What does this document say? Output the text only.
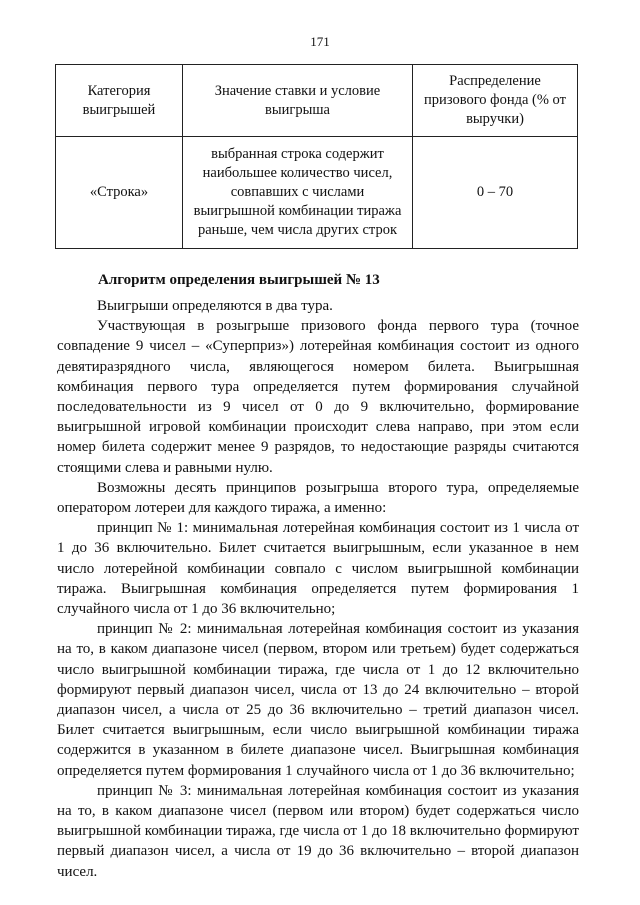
171
Категория выигрышей	Значение ставки и условие выигрыша	Распределение призового фонда (% от выручки)
«Строка»	выбранная строка содержит наибольшее количество чисел, совпавших с числами выигрышной комбинации тиража раньше, чем числа других строк	0 – 70
Алгоритм определения выигрышей № 13

Выигрыши определяются в два тура.

Участвующая в розыгрыше призового фонда первого тура (точное совпадение 9 чисел – «Суперприз») лотерейная комбинация состоит из одного девятиразрядного числа, являющегося номером билета. Выигрышная комбинация первого тура определяется путем формирования случайной последовательности из 9 чисел от 0 до 9 включительно, формирование выигрышной игровой комбинации происходит слева направо, при этом если номер билета содержит менее 9 разрядов, то недостающие разряды считаются стоящими слева и равными нулю.

Возможны десять принципов розыгрыша второго тура, определяемые оператором лотереи для каждого тиража, а именно:

принцип № 1: минимальная лотерейная комбинация состоит из 1 числа от 1 до 36 включительно. Билет считается выигрышным, если указанное в нем число лотерейной комбинации совпало с числом выигрышной комбинации тиража. Выигрышная комбинация определяется путем формирования 1 случайного числа от 1 до 36 включительно;

принцип № 2: минимальная лотерейная комбинация состоит из указания на то, в каком диапазоне чисел (первом, втором или третьем) будет содержаться число выигрышной комбинации тиража, где числа от 1 до 12 включительно формируют первый диапазон чисел, числа от 13 до 24 включительно – второй диапазон чисел, а числа от 25 до 36 включительно – третий диапазон чисел. Билет считается выигрышным, если число выигрышной комбинации тиража содержится в указанном в билете диапазоне чисел. Выигрышная комбинация определяется путем формирования 1 случайного числа от 1 до 36 включительно;

принцип № 3: минимальная лотерейная комбинация состоит из указания на то, в каком диапазоне чисел (первом или втором) будет содержаться число выигрышной комбинации тиража, где числа от 1 до 18 включительно формируют первый диапазон чисел, а числа от 19 до 36 включительно – второй диапазон чисел.
